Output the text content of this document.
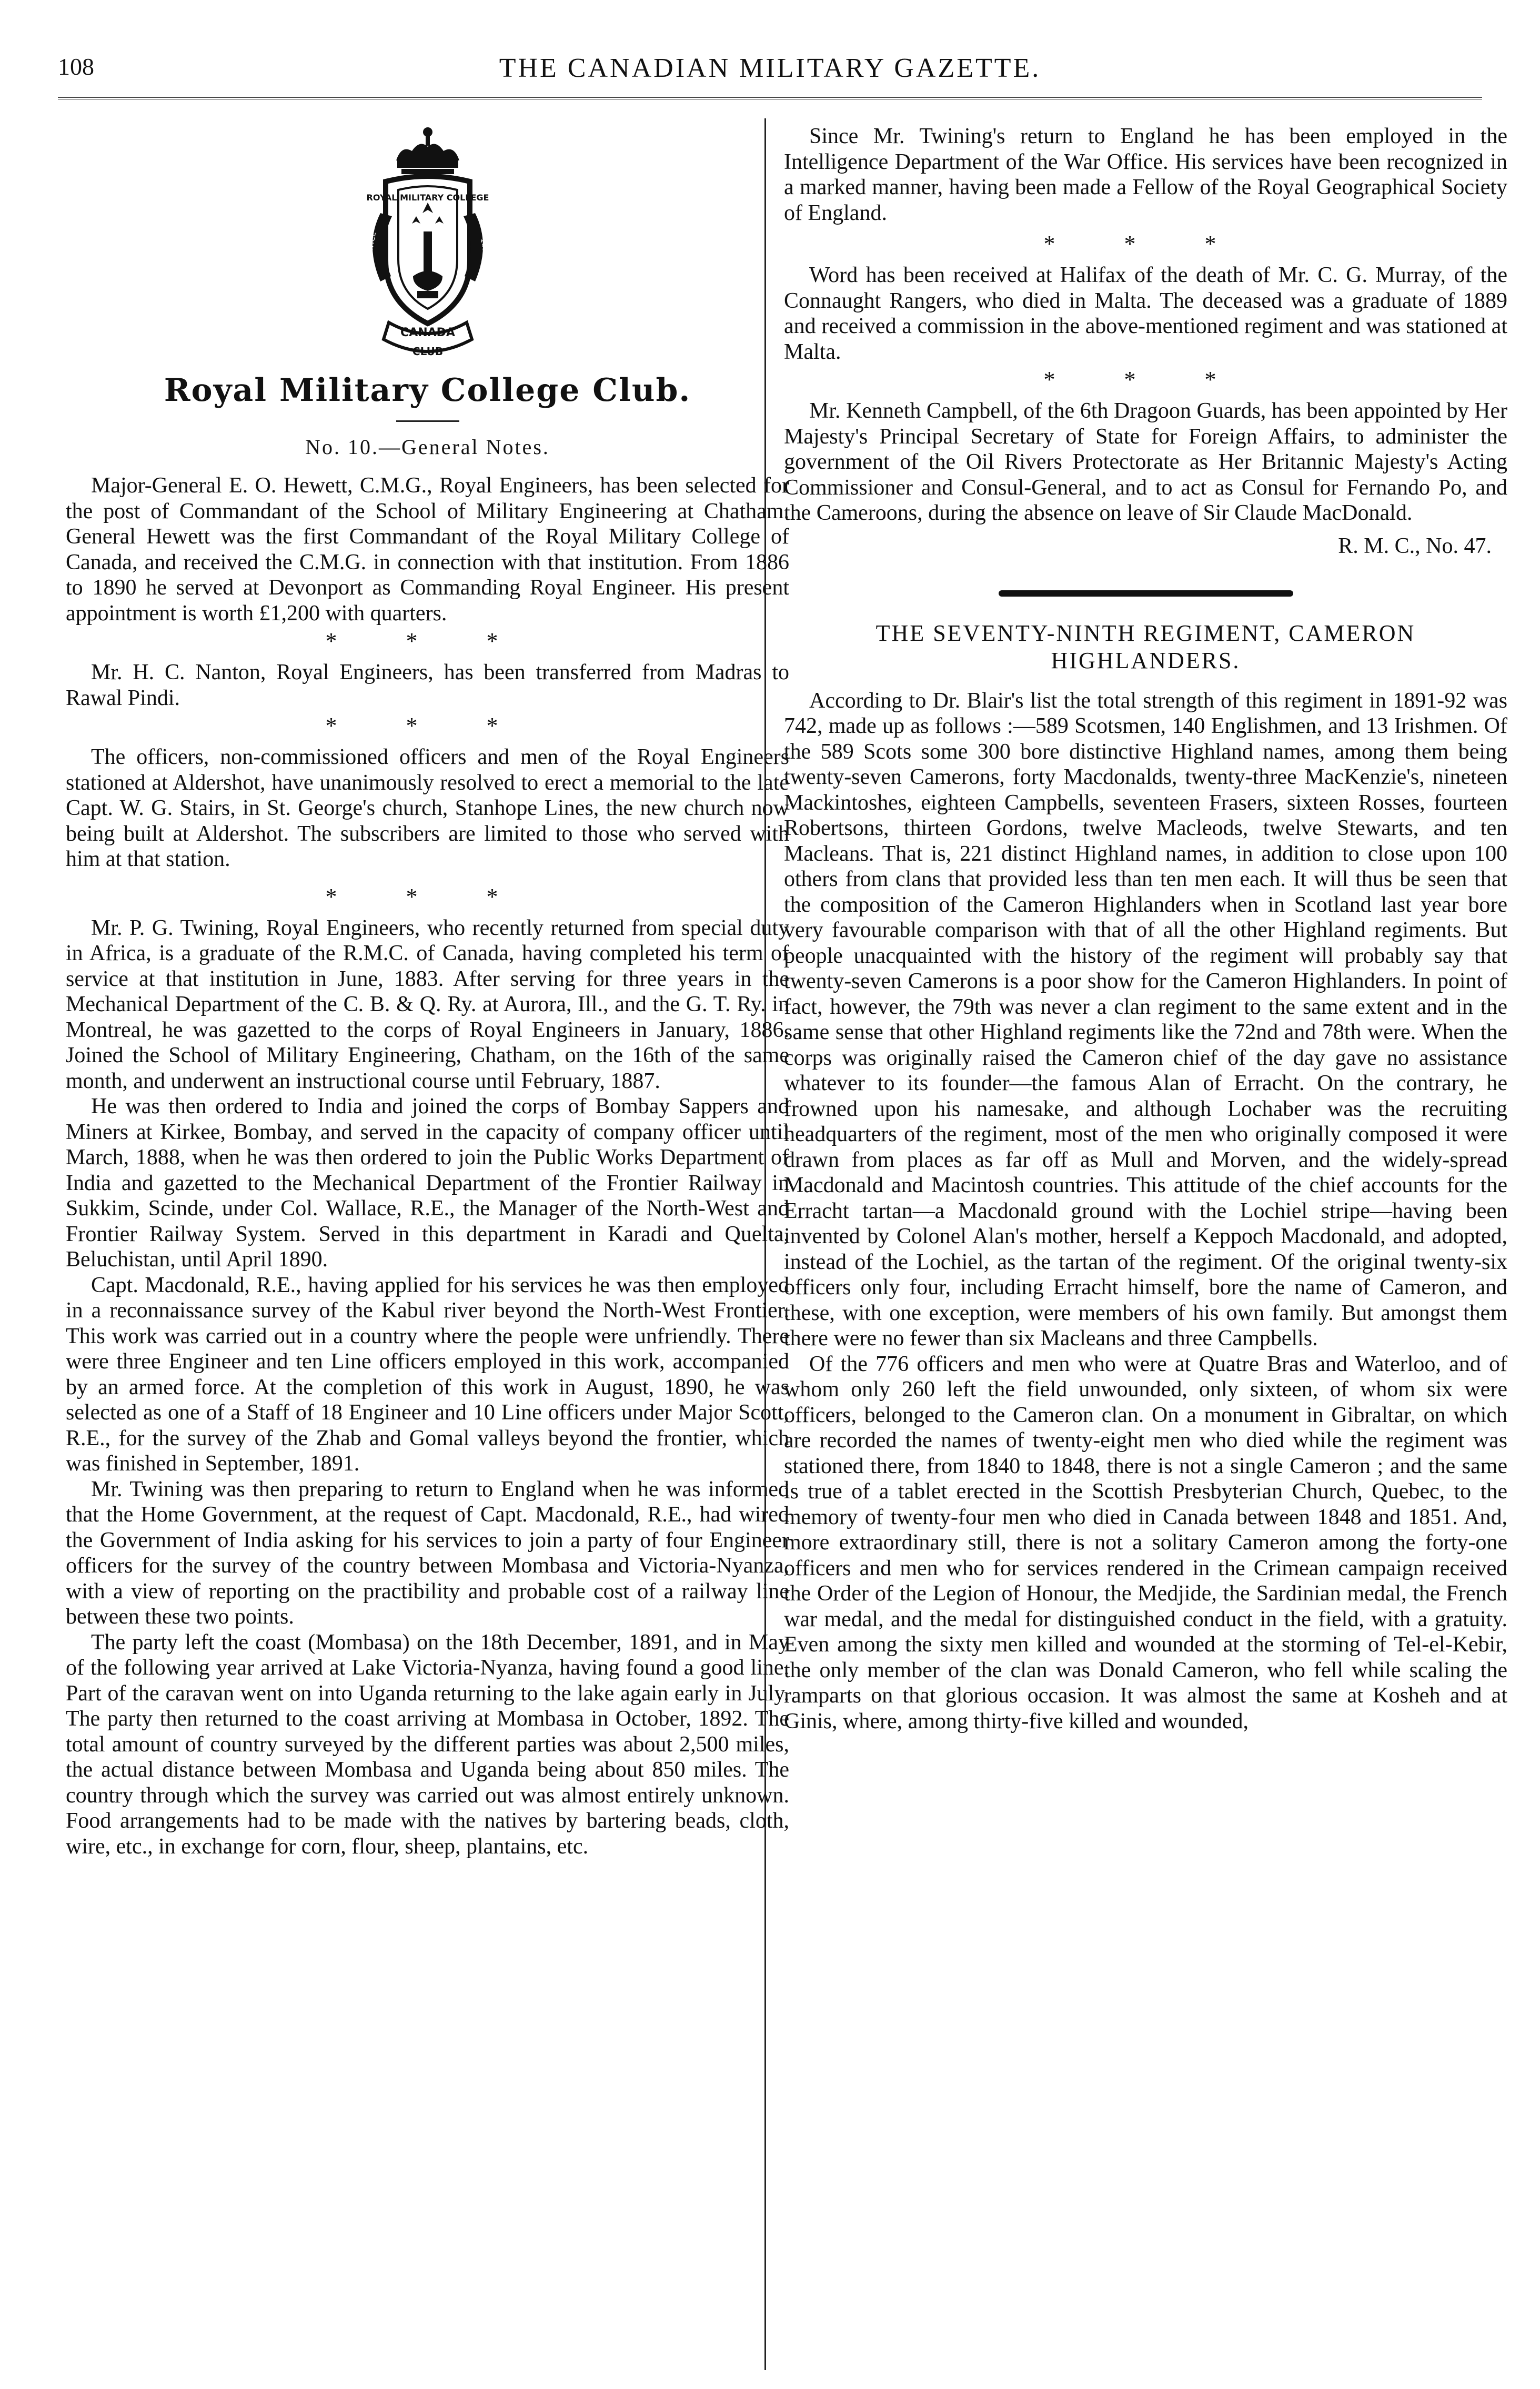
108	THE CANADIAN MILITARY GAZETTE.
ROYAL MILITARY COLLEGE
SERVICE	1892
CANADA
CLUB
Royal Military College Club.
No. 10.—General Notes.

Major-General E. O. Hewett, C.M.G., Royal Engineers, has been selected for the post of Commandant of the School of Military Engineering at Chatham. General Hewett was the first Commandant of the Royal Military College of Canada, and received the C.M.G. in connection with that institution. From 1886 to 1890 he served at Devonport as Commanding Royal Engineer. His present appointment is worth £1,200 with quarters.

* * *

Mr. H. C. Nanton, Royal Engineers, has been transferred from Madras to Rawal Pindi.

* * *

The officers, non-commissioned officers and men of the Royal Engineers stationed at Aldershot, have unanimously resolved to erect a memorial to the late Capt. W. G. Stairs, in St. George's church, Stanhope Lines, the new church now being built at Aldershot. The subscribers are limited to those who served with him at that station.

* * *

Mr. P. G. Twining, Royal Engineers, who recently returned from special duty in Africa, is a graduate of the R.M.C. of Canada, having completed his term of service at that institution in June, 1883. After serving for three years in the Mechanical Department of the C. B. & Q. Ry. at Aurora, Ill., and the G. T. Ry. in Montreal, he was gazetted to the corps of Royal Engineers in January, 1886. Joined the School of Military Engineering, Chatham, on the 16th of the same month, and underwent an instructional course until February, 1887.

He was then ordered to India and joined the corps of Bombay Sappers and Miners at Kirkee, Bombay, and served in the capacity of company officer until March, 1888, when he was then ordered to join the Public Works Department of India and gazetted to the Mechanical Department of the Frontier Railway in Sukkim, Scinde, under Col. Wallace, R.E., the Manager of the North-West and Frontier Railway System. Served in this department in Karadi and Quelta, Beluchistan, until April 1890.

Capt. Macdonald, R.E., having applied for his services he was then employed in a reconnaissance survey of the Kabul river beyond the North-West Frontier. This work was carried out in a country where the people were unfriendly. There were three Engineer and ten Line officers employed in this work, accompanied by an armed force. At the completion of this work in August, 1890, he was selected as one of a Staff of 18 Engineer and 10 Line officers under Major Scott, R.E., for the survey of the Zhab and Gomal valleys beyond the frontier, which was finished in September, 1891.

Mr. Twining was then preparing to return to England when he was informed that the Home Government, at the request of Capt. Macdonald, R.E., had wired the Government of India asking for his services to join a party of four Engineer officers for the survey of the country between Mombasa and Victoria-Nyanza, with a view of reporting on the practibility and probable cost of a railway line between these two points.

The party left the coast (Mombasa) on the 18th December, 1891, and in May of the following year arrived at Lake Victoria-Nyanza, having found a good line. Part of the caravan went on into Uganda returning to the lake again early in July. The party then returned to the coast arriving at Mombasa in October, 1892. The total amount of country surveyed by the different parties was about 2,500 miles, the actual distance between Mombasa and Uganda being about 850 miles. The country through which the survey was carried out was almost entirely unknown. Food arrangements had to be made with the natives by bartering beads, cloth, wire, etc., in exchange for corn, flour, sheep, plantains, etc.

Since Mr. Twining's return to England he has been employed in the Intelligence Department of the War Office. His services have been recognized in a marked manner, having been made a Fellow of the Royal Geographical Society of England.

* * *

Word has been received at Halifax of the death of Mr. C. G. Murray, of the Connaught Rangers, who died in Malta. The deceased was a graduate of 1889 and received a commission in the above-mentioned regiment and was stationed at Malta.

* * *

Mr. Kenneth Campbell, of the 6th Dragoon Guards, has been appointed by Her Majesty's Principal Secretary of State for Foreign Affairs, to administer the government of the Oil Rivers Protectorate as Her Britannic Majesty's Acting Commissioner and Consul-General, and to act as Consul for Fernando Po, and the Cameroons, during the absence on leave of Sir Claude MacDonald.

R. M. C., No. 47.
THE SEVENTY-NINTH REGIMENT, CAMERON HIGHLANDERS.

According to Dr. Blair's list the total strength of this regiment in 1891-92 was 742, made up as follows :—589 Scotsmen, 140 Englishmen, and 13 Irishmen. Of the 589 Scots some 300 bore distinctive Highland names, among them being twenty-seven Camerons, forty Macdonalds, twenty-three MacKenzie's, nineteen Mackintoshes, eighteen Campbells, seventeen Frasers, sixteen Rosses, fourteen Robertsons, thirteen Gordons, twelve Macleods, twelve Stewarts, and ten Macleans. That is, 221 distinct Highland names, in addition to close upon 100 others from clans that provided less than ten men each. It will thus be seen that the composition of the Cameron Highlanders when in Scotland last year bore very favourable comparison with that of all the other Highland regiments. But people unacquainted with the history of the regiment will probably say that twenty-seven Camerons is a poor show for the Cameron Highlanders. In point of fact, however, the 79th was never a clan regiment to the same extent and in the same sense that other Highland regiments like the 72nd and 78th were. When the corps was originally raised the Cameron chief of the day gave no assistance whatever to its founder—the famous Alan of Erracht. On the contrary, he frowned upon his namesake, and although Lochaber was the recruiting headquarters of the regiment, most of the men who originally composed it were drawn from places as far off as Mull and Morven, and the widely-spread Macdonald and Macintosh countries. This attitude of the chief accounts for the Erracht tartan—a Macdonald ground with the Lochiel stripe—having been invented by Colonel Alan's mother, herself a Keppoch Macdonald, and adopted, instead of the Lochiel, as the tartan of the regiment. Of the original twenty-six officers only four, including Erracht himself, bore the name of Cameron, and these, with one exception, were members of his own family. But amongst them there were no fewer than six Macleans and three Campbells.

Of the 776 officers and men who were at Quatre Bras and Waterloo, and of whom only 260 left the field unwounded, only sixteen, of whom six were officers, belonged to the Cameron clan. On a monument in Gibraltar, on which are recorded the names of twenty-eight men who died while the regiment was stationed there, from 1840 to 1848, there is not a single Cameron ; and the same is true of a tablet erected in the Scottish Presbyterian Church, Quebec, to the memory of twenty-four men who died in Canada between 1848 and 1851. And, more extraordinary still, there is not a solitary Cameron among the forty-one officers and men who for services rendered in the Crimean campaign received the Order of the Legion of Honour, the Medjide, the Sardinian medal, the French war medal, and the medal for distinguished conduct in the field, with a gratuity. Even among the sixty men killed and wounded at the storming of Tel-el-Kebir, the only member of the clan was Donald Cameron, who fell while scaling the ramparts on that glorious occasion. It was almost the same at Kosheh and at Ginis, where, among thirty-five killed and wounded,
